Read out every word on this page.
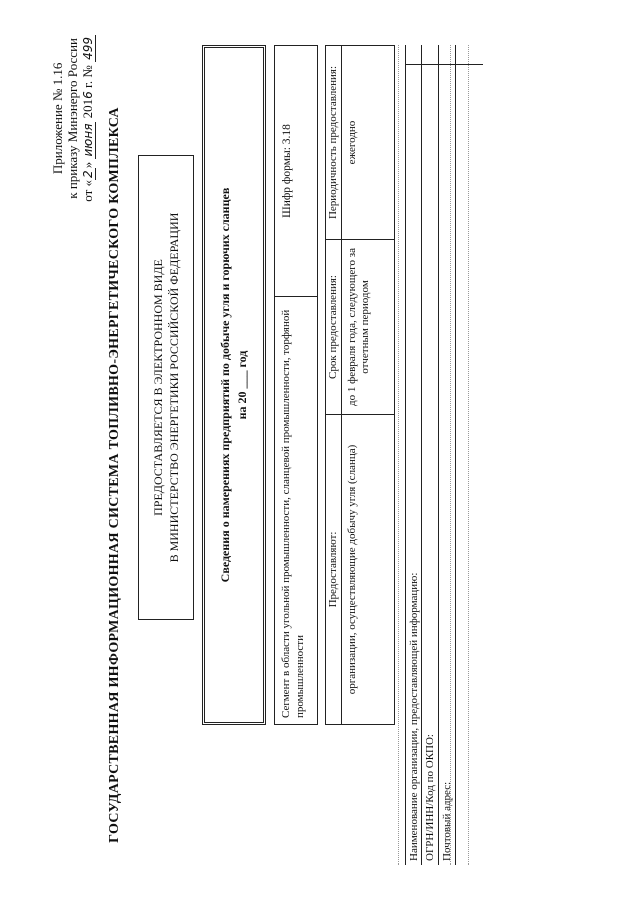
Приложение № 1.16 к приказу Минэнерго России от «2» июня 2016 г. № 499
ГОСУДАРСТВЕННАЯ ИНФОРМАЦИОННАЯ СИСТЕМА ТОПЛИВНО-ЭНЕРГЕТИЧЕСКОГО КОМПЛЕКСА ПРЕДОСТАВЛЯЕТСЯ В ЭЛЕКТРОННОМ ВИДЕ В МИНИСТЕРСТВО ЭНЕРГЕТИКИ РОССИЙСКОЙ ФЕДЕРАЦИИ	Сведения о намерениях предприятий по добыче угля и горючих сланцев на 20 ___ год	Сегмент в области угольной промышленности, сланцевой промышленности, торфяной промышленности
Шифр формы: 3.18
Предоставляют:
Срок предоставления:
Периодичность предоставления:
организации, осуществляющие добычу угля (сланца)
до 1 февраля года, следующего за отчетным периодом
ежегодно
Наименование организации, предоставляющей информацию: ОГРН/ИНН/Код по ОКПО: Почтовый адрес:
